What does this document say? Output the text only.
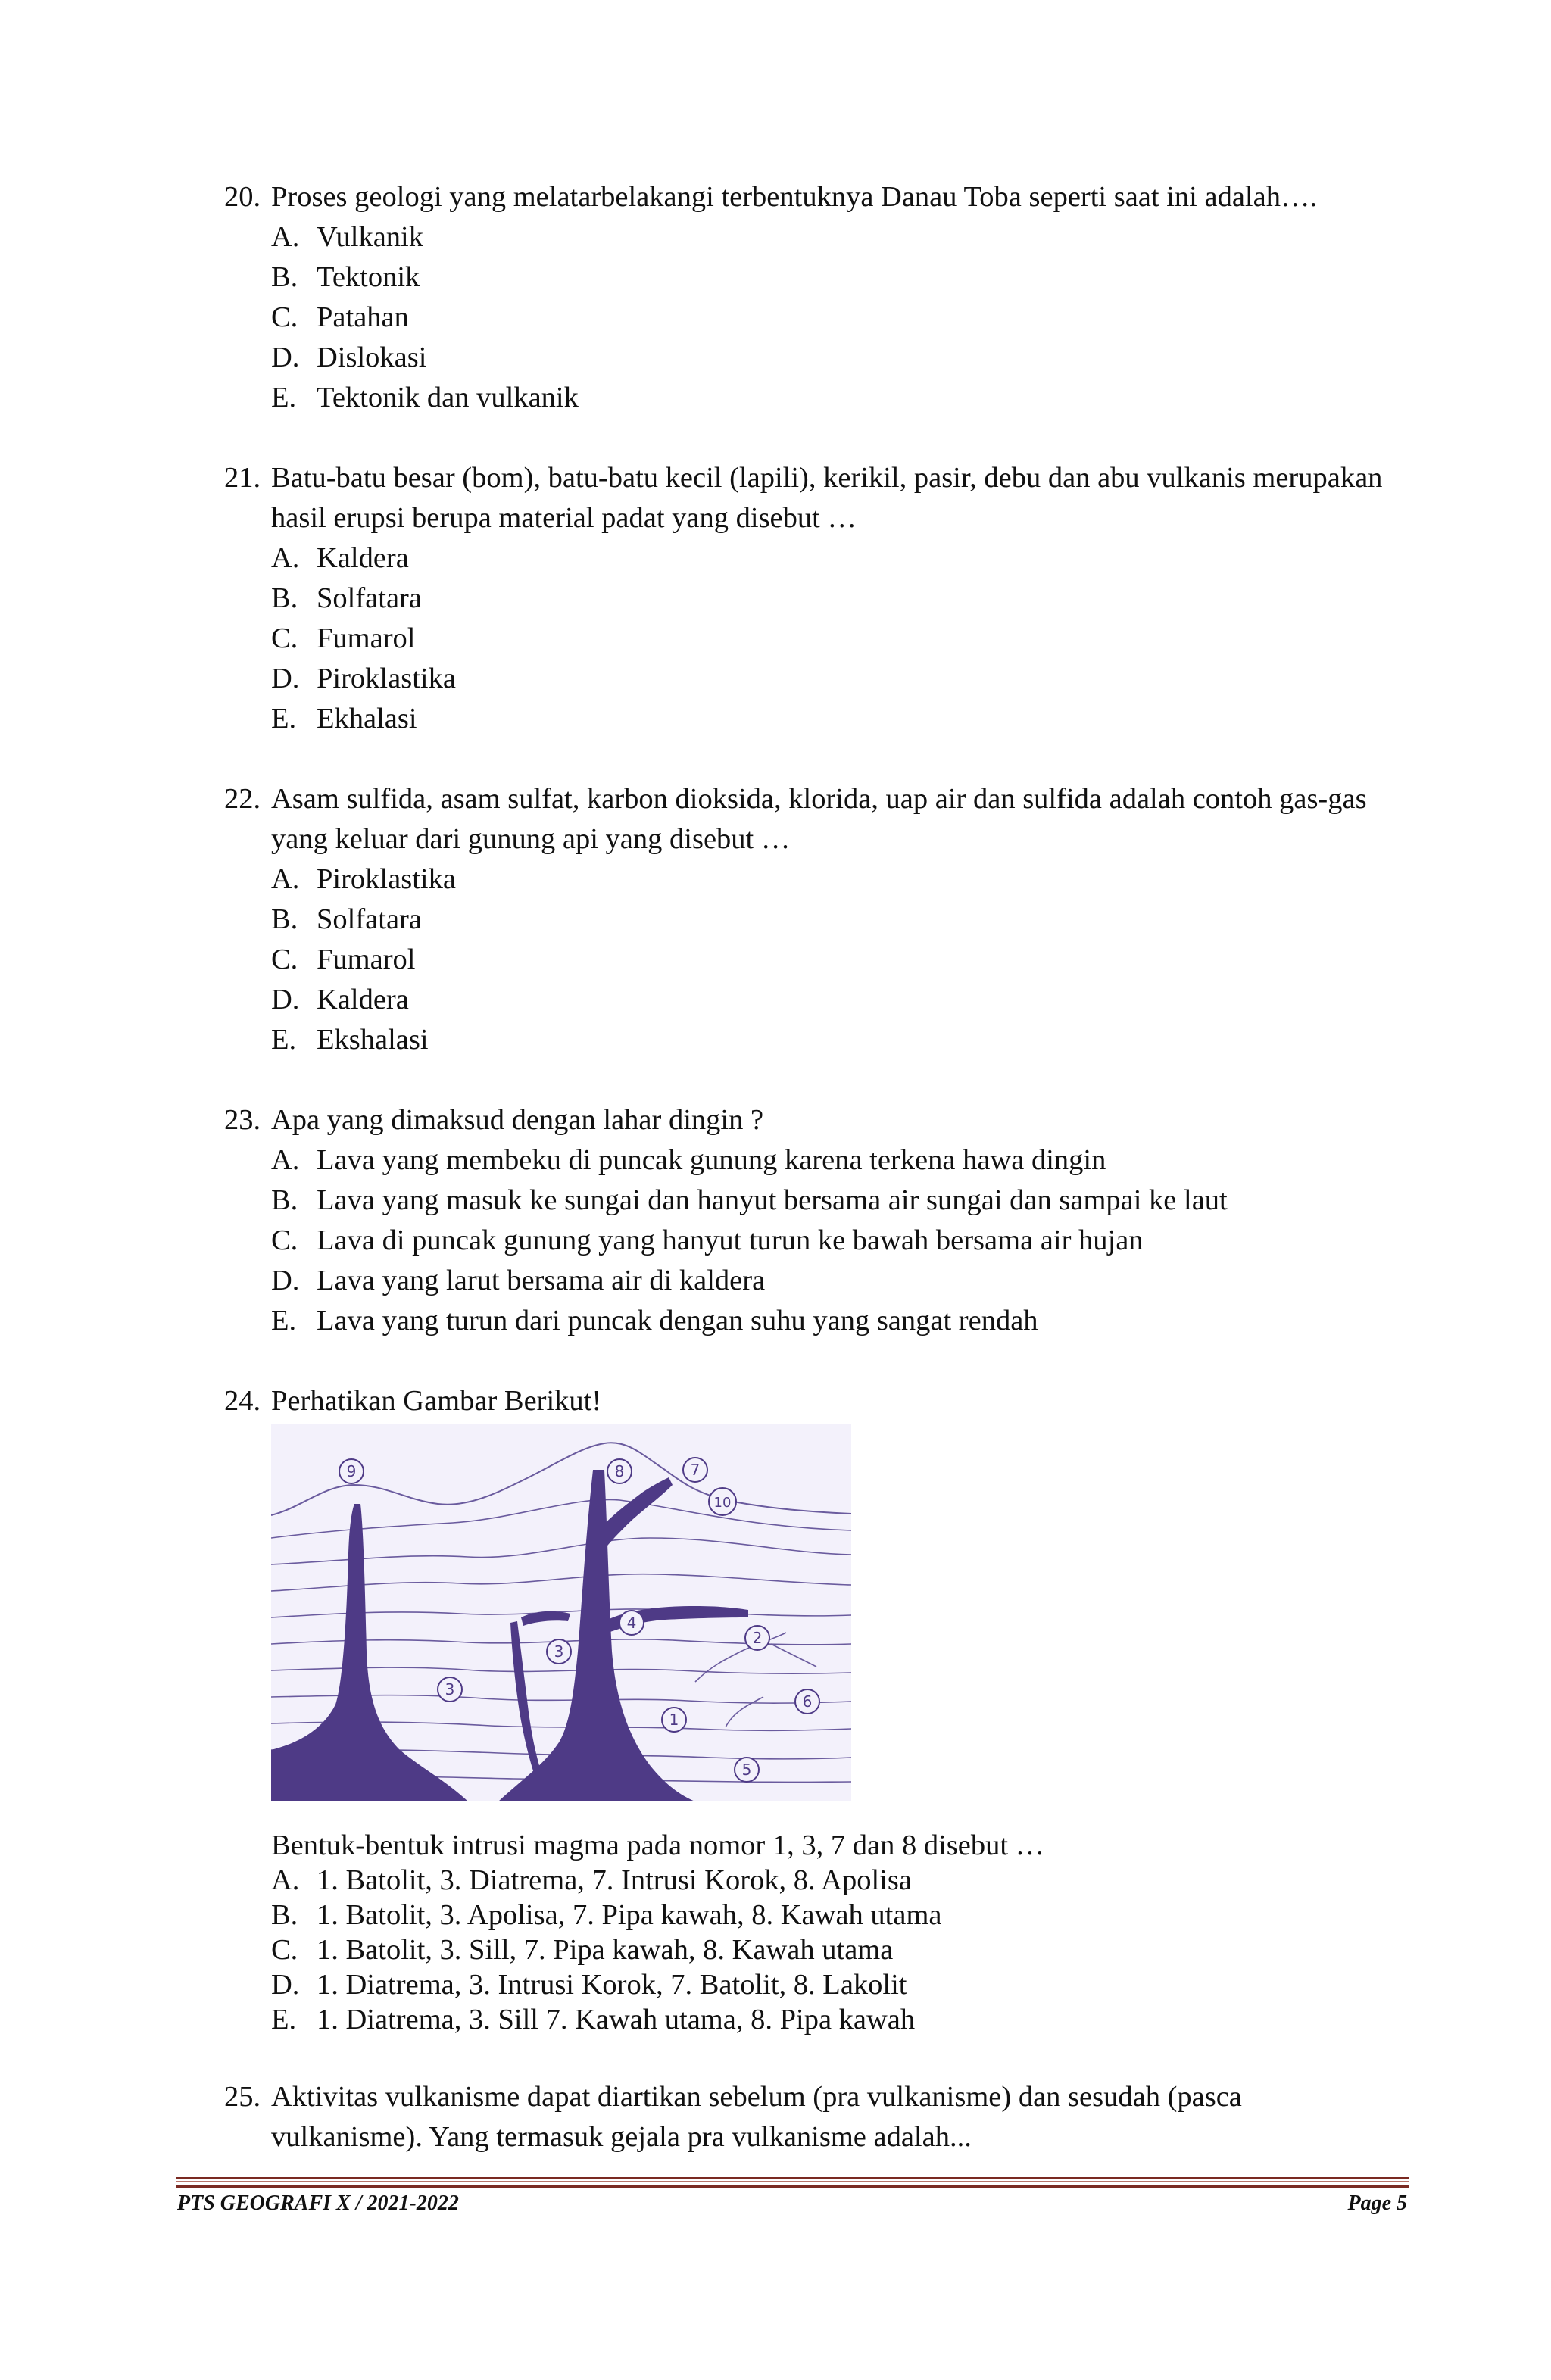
20. Proses geologi yang melatarbelakangi terbentuknya Danau Toba seperti saat ini adalah….
A. Vulkanik
B. Tektonik
C. Patahan
D. Dislokasi
E. Tektonik dan vulkanik
21. Batu-batu besar (bom), batu-batu kecil (lapili), kerikil, pasir, debu dan abu vulkanis merupakan hasil erupsi berupa material padat yang disebut …
A. Kaldera
B. Solfatara
C. Fumarol
D. Piroklastika
E. Ekhalasi
22. Asam sulfida, asam sulfat, karbon dioksida, klorida, uap air dan sulfida adalah contoh gas-gas yang keluar dari gunung api yang disebut …
A. Piroklastika
B. Solfatara
C. Fumarol
D. Kaldera
E. Ekshalasi
23. Apa yang dimaksud dengan lahar dingin ?
A. Lava yang membeku di puncak gunung karena terkena hawa dingin
B. Lava yang masuk ke sungai dan hanyut bersama air sungai dan sampai ke laut
C. Lava di puncak gunung yang hanyut turun ke bawah bersama air hujan
D. Lava yang larut bersama air di kaldera
E. Lava yang turun dari puncak dengan suhu yang sangat rendah
24. Perhatikan Gambar Berikut!
9	8	7
10
3
4
2
3
1
6
5
Bentuk-bentuk intrusi magma pada nomor 1, 3, 7 dan 8 disebut …
A. 1. Batolit, 3. Diatrema, 7. Intrusi Korok, 8. Apolisa
B. 1. Batolit, 3. Apolisa, 7. Pipa kawah, 8. Kawah utama
C. 1. Batolit, 3. Sill, 7. Pipa kawah, 8. Kawah utama
D. 1. Diatrema, 3. Intrusi Korok, 7. Batolit, 8. Lakolit
E. 1. Diatrema, 3. Sill 7. Kawah utama, 8. Pipa kawah
25. Aktivitas vulkanisme dapat diartikan sebelum (pra vulkanisme) dan sesudah (pasca vulkanisme). Yang termasuk gejala pra vulkanisme adalah...
PTS GEOGRAFI X / 2021-2022	Page 5
